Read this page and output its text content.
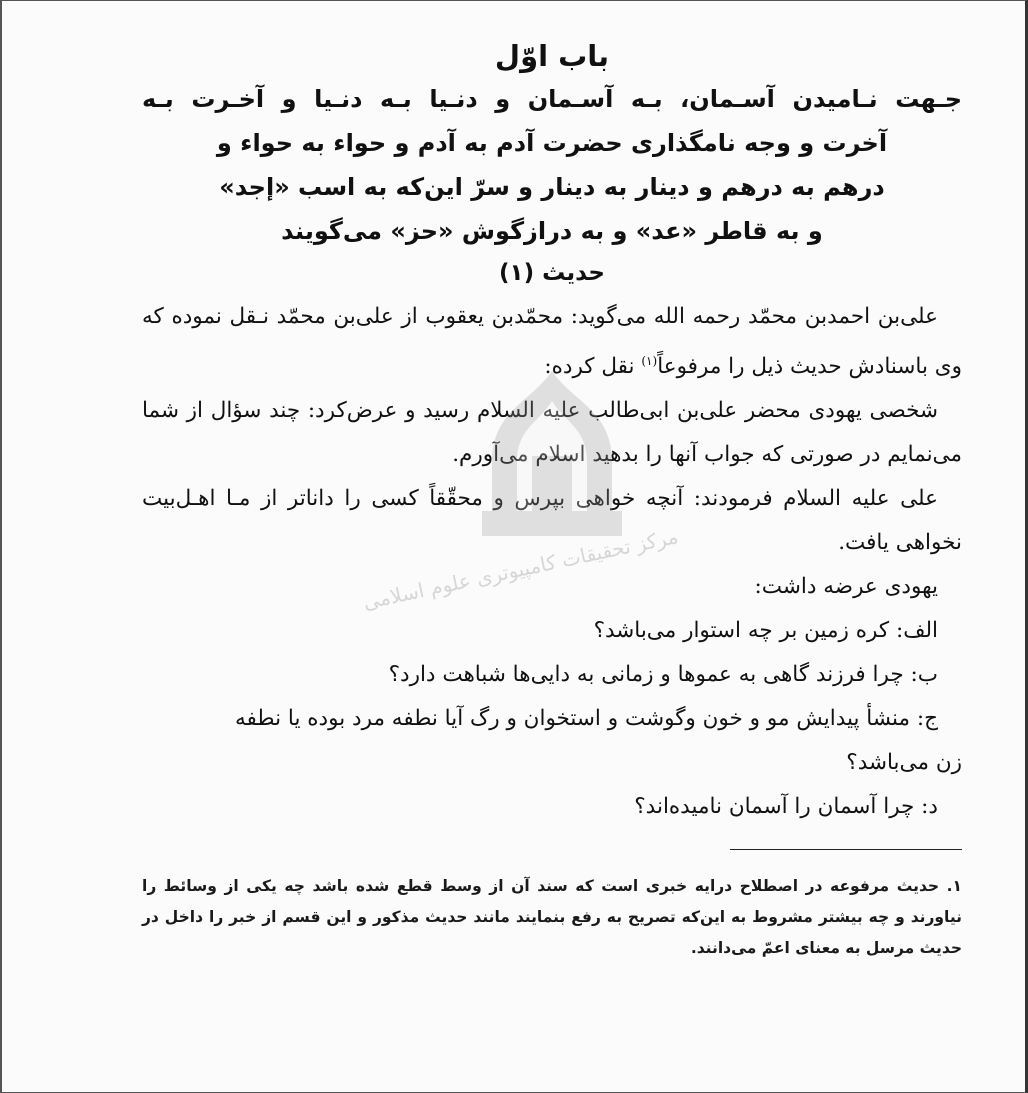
باب اوّل
جـهت نـامیدن آسـمان، بـه آسـمان و دنـیا بـه دنـیا و آخـرت بـه
آخرت و وجه نامگذاری حضرت آدم به آدم و حواء به حواء و
درهم به درهم و دینار به دینار و سرّ این‌که به اسب «إجد»
و به قاطر «عد» و به درازگوش «حز» می‌گویند
حدیث (۱)

علی‌بن احمدبن محمّد رحمه الله می‌گوید: محمّدبن یعقوب از علی‌بن محمّد نـقل نموده که وی باسنادش حدیث ذیل را مرفوعاً$^{(۱)}$ نقل کرده:

شخصی یهودی محضر علی‌بن ابی‌طالب علیه السلام رسید و عرض‌کرد: چند سؤال از شما می‌نمایم در صورتی که جواب آنها را بدهید اسلام می‌آورم.

علی علیه السلام فرمودند: آنچه خواهی بپرس و محقّقاً کسی را داناتر از مـا اهـل‌بیت نخواهی یافت.

یهودی عرضه داشت:

الف: کره زمین بر چه استوار می‌باشد؟

ب: چرا فرزند گاهی به عموها و زمانی به دایی‌ها شباهت دارد؟

ج: منشأ پیدایش مو و خون وگوشت و استخوان و رگ آیا نطفه مرد بوده یا نطفه

زن می‌باشد؟

د: چرا آسمان را آسمان نامیده‌اند؟

۱. حدیث مرفوعه در اصطلاح درایه خبری است که سند آن از وسط قطع شده باشد چه یکی از وسائط را نیاورند و چه بیشتر مشروط به این‌که تصریح به رفع بنمایند مانند حدیث مذکور و این قسم از خبر را داخل در حدیث مرسل به معنای اعمّ می‌دانند.
مرکز تحقیقات کامپیوتری علوم اسلامی
